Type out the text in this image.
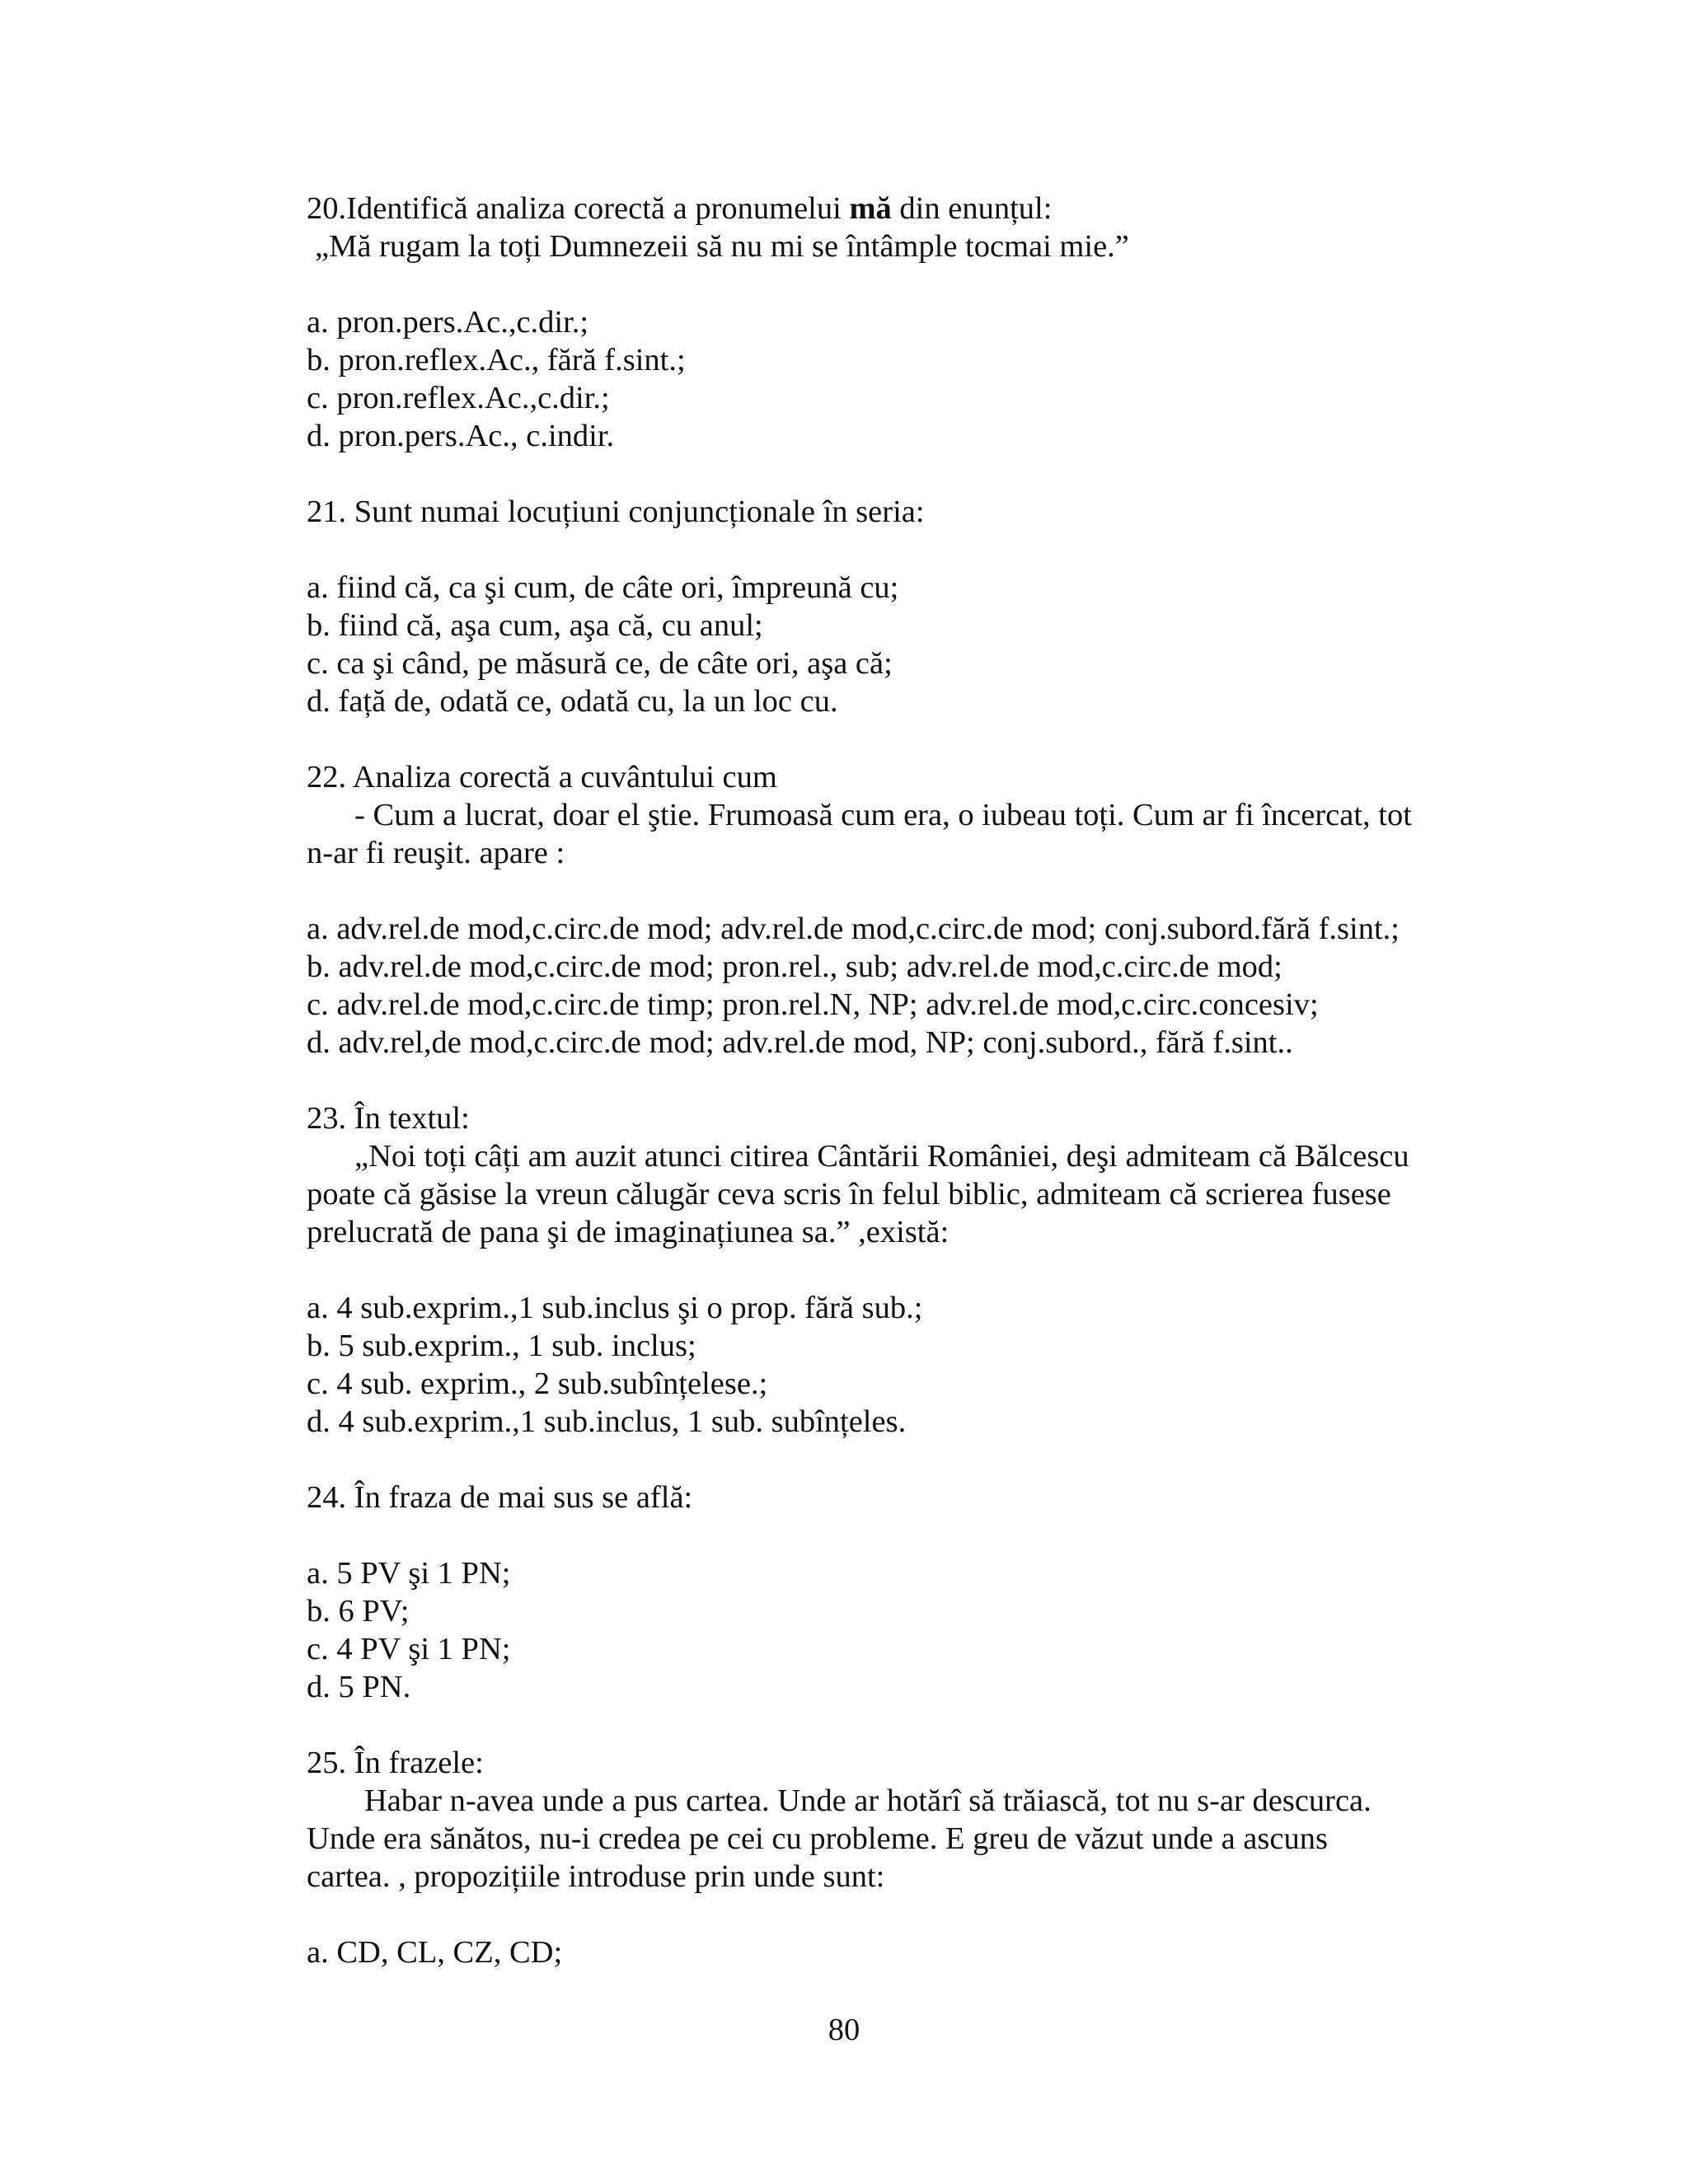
20.Identifică analiza corectă a pronumelui mă din enunțul:
„Mă rugam la toți Dumnezeii să nu mi se întâmple tocmai mie.”
a. pron.pers.Ac.,c.dir.;
b. pron.reflex.Ac., fără f.sint.;
c. pron.reflex.Ac.,c.dir.;
d. pron.pers.Ac., c.indir.
21. Sunt numai locuțiuni conjuncționale în seria:
a. fiind că, ca şi cum, de câte ori, împreună cu;
b. fiind că, aşa cum, aşa că, cu anul;
c. ca şi când, pe măsură ce, de câte ori, aşa că;
d. față de, odată ce, odată cu, la un loc cu.
22. Analiza corectă a cuvântului cum
- Cum a lucrat, doar el ştie. Frumoasă cum era, o iubeau toți. Cum ar fi încercat, tot
n-ar fi reuşit. apare :
a. adv.rel.de mod,c.circ.de mod; adv.rel.de mod,c.circ.de mod; conj.subord.fără f.sint.;
b. adv.rel.de mod,c.circ.de mod; pron.rel., sub; adv.rel.de mod,c.circ.de mod;
c. adv.rel.de mod,c.circ.de timp; pron.rel.N, NP; adv.rel.de mod,c.circ.concesiv;
d. adv.rel,de mod,c.circ.de mod; adv.rel.de mod, NP; conj.subord., fără f.sint..
23. În textul:
„Noi toți câți am auzit atunci citirea Cântării României, deşi admiteam că Bălcescu
poate că găsise la vreun călugăr ceva scris în felul biblic, admiteam că scrierea fusese
prelucrată de pana şi de imaginațiunea sa.” ,există:
a. 4 sub.exprim.,1 sub.inclus şi o prop. fără sub.;
b. 5 sub.exprim., 1 sub. inclus;
c. 4 sub. exprim., 2 sub.subînțelese.;
d. 4 sub.exprim.,1 sub.inclus, 1 sub. subînțeles.
24. În fraza de mai sus se află:
a. 5 PV şi 1 PN;
b. 6 PV;
c. 4 PV şi 1 PN;
d. 5 PN.
25. În frazele:
Habar n-avea unde a pus cartea. Unde ar hotărî să trăiască, tot nu s-ar descurca.
Unde era sănătos, nu-i credea pe cei cu probleme. E greu de văzut unde a ascuns
cartea. , propozițiile introduse prin unde sunt:
a. CD, CL, CZ, CD;
80
